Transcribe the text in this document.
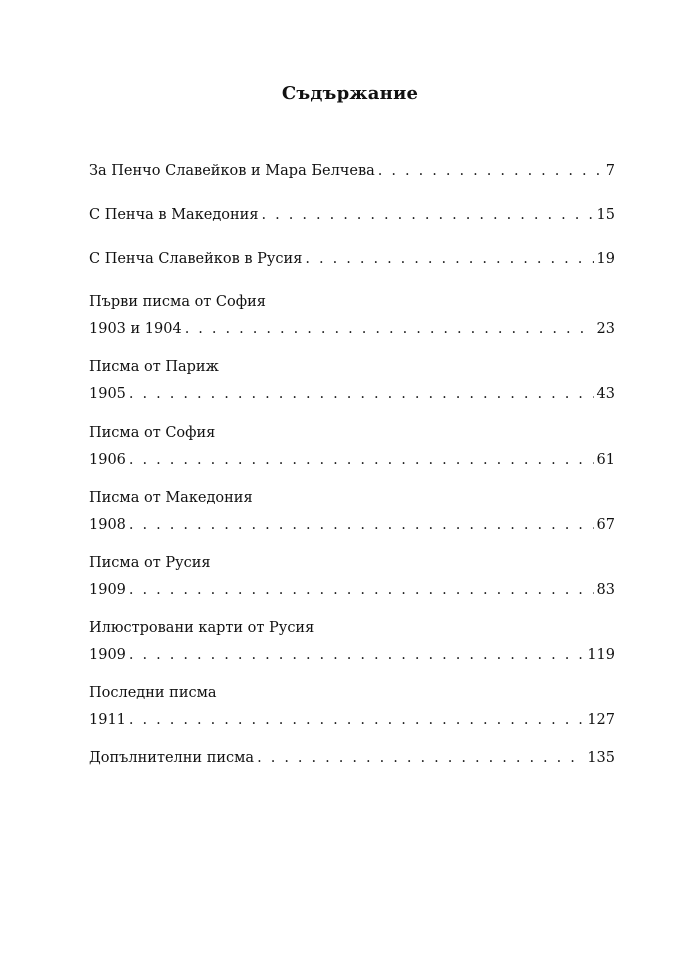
Съдържание
За Пенчо Славейков и Мара Белчева . . .	7
С Пенча в Македония . . .	15
С Пенча Славейков в Русия . . .	19
Първи писма от София
1903 и 1904 . . .	23
Писма от Париж
1905 . . .	43
Писма от София
1906 . . .	61
Писма от Македония
1908 . . .	67
Писма от Русия
1909 . . .	83
Илюстровани карти от Русия
1909 . . .	119
Последни писма
1911 . . .	127
Допълнителни писма . . .	135
